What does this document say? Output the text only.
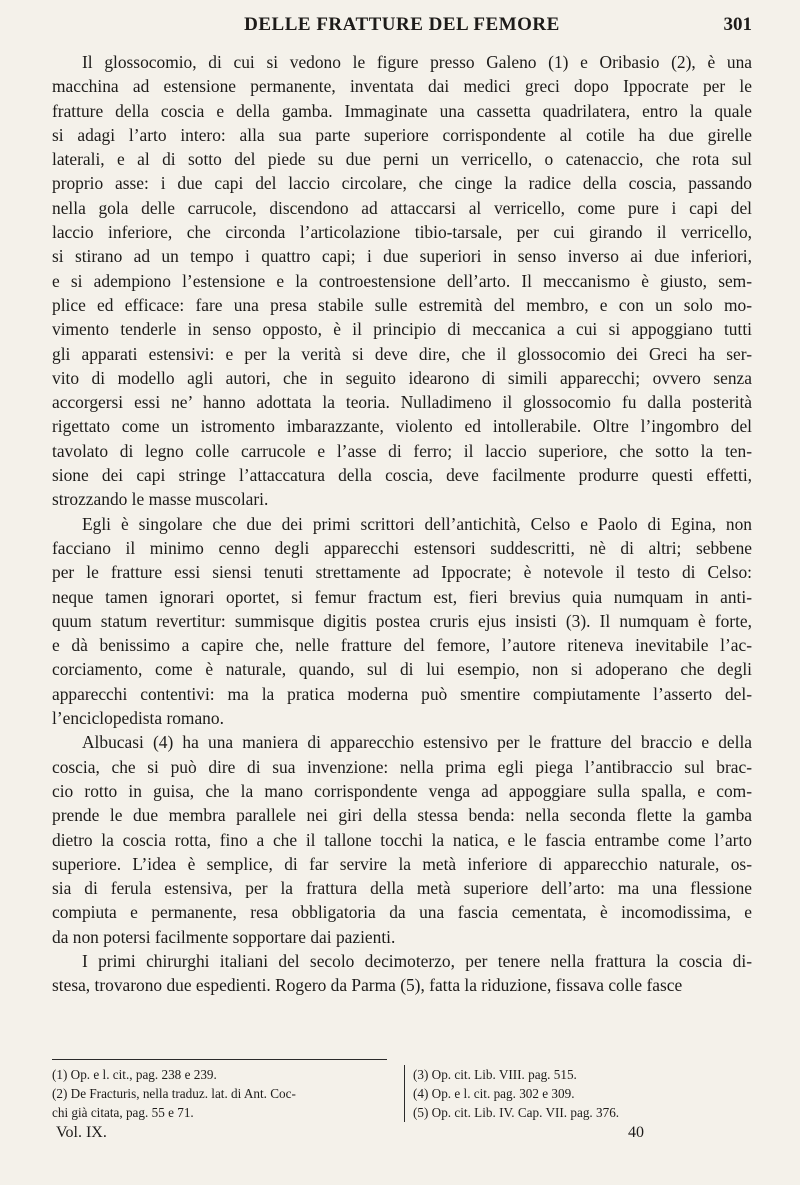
DELLE FRATTURE DEL FEMORE	301

Il glossocomio, di cui si vedono le figure presso Galeno (1) e Oribasio (2), è una
macchina ad estensione permanente, inventata dai medici greci dopo Ippocrate per le
fratture della coscia e della gamba. Immaginate una cassetta quadrilatera, entro la quale
si adagi l’arto intero: alla sua parte superiore corrispondente al cotile ha due girelle
laterali, e al di sotto del piede su due perni un verricello, o catenaccio, che rota sul
proprio asse: i due capi del laccio circolare, che cinge la radice della coscia, passando
nella gola delle carrucole, discendono ad attaccarsi al verricello, come pure i capi del
laccio inferiore, che circonda l’articolazione tibio-tarsale, per cui girando il verricello,
si stirano ad un tempo i quattro capi; i due superiori in senso inverso ai due inferiori,
e si adempiono l’estensione e la controestensione dell’arto. Il meccanismo è giusto, sem-
plice ed efficace: fare una presa stabile sulle estremità del membro, e con un solo mo-
vimento tenderle in senso opposto, è il principio di meccanica a cui si appoggiano tutti
gli apparati estensivi: e per la verità si deve dire, che il glossocomio dei Greci ha ser-
vito di modello agli autori, che in seguito idearono di simili apparecchi; ovvero senza
accorgersi essi ne’ hanno adottata la teoria. Nulladimeno il glossocomio fu dalla posterità
rigettato come un istromento imbarazzante, violento ed intollerabile. Oltre l’ingombro del
tavolato di legno colle carrucole e l’asse di ferro; il laccio superiore, che sotto la ten-
sione dei capi stringe l’attaccatura della coscia, deve facilmente produrre questi effetti,
strozzando le masse muscolari.

Egli è singolare che due dei primi scrittori dell’antichità, Celso e Paolo di Egina, non
facciano il minimo cenno degli apparecchi estensori suddescritti, nè di altri; sebbene
per le fratture essi siensi tenuti strettamente ad Ippocrate; è notevole il testo di Celso:
neque tamen ignorari oportet, si femur fractum est, fieri brevius quia numquam in anti-
quum statum revertitur: summisque digitis postea cruris ejus insisti (3). Il numquam è forte,
e dà benissimo a capire che, nelle fratture del femore, l’autore riteneva inevitabile l’ac-
corciamento, come è naturale, quando, sul di lui esempio, non si adoperano che degli
apparecchi contentivi: ma la pratica moderna può smentire compiutamente l’asserto del-
l’enciclopedista romano.

Albucasi (4) ha una maniera di apparecchio estensivo per le fratture del braccio e della
coscia, che si può dire di sua invenzione: nella prima egli piega l’antibraccio sul brac-
cio rotto in guisa, che la mano corrispondente venga ad appoggiare sulla spalla, e com-
prende le due membra parallele nei giri della stessa benda: nella seconda flette la gamba
dietro la coscia rotta, fino a che il tallone tocchi la natica, e le fascia entrambe come l’arto
superiore. L’idea è semplice, di far servire la metà inferiore di apparecchio naturale, os-
sia di ferula estensiva, per la frattura della metà superiore dell’arto: ma una flessione
compiuta e permanente, resa obbligatoria da una fascia cementata, è incomodissima, e
da non potersi facilmente sopportare dai pazienti.

I primi chirurghi italiani del secolo decimoterzo, per tenere nella frattura la coscia di-
stesa, trovarono due espedienti. Rogero da Parma (5), fatta la riduzione, fissava colle fasce

(1) Op. e l. cit., pag. 238 e 239.
(2) De Fracturis, nella traduz. lat. di Ant. Coc-
chi già citata, pag. 55 e 71.
(3) Op. cit. Lib. VIII. pag. 515.
(4) Op. e l. cit. pag. 302 e 309.
(5) Op. cit. Lib. IV. Cap. VII. pag. 376.
Vol. IX.	40
